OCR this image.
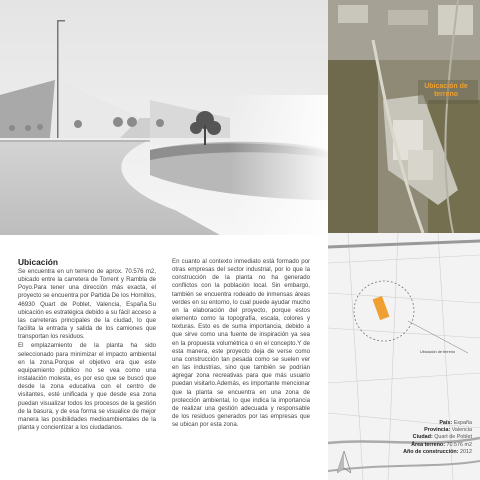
Ubicación de terreno
Ubicación de terreno
País: España
Provincia: Valencia
Ciudad: Quart de Poblet
Área terreno: 70.576 m2
Año de construcción: 2012
Ubicación

Se encuentra en un terreno de aprox. 70.576 m2, ubicado entre la carretera de Torrent y Rambla de Poyo.Para tener una dirección más exacta, el proyecto se encuentra por Partida De los Hornillos, 46930 Quart de Poblet, Valencia, España.Su ubicación es estratégica debido a su fácil acceso a las carreteras principales de la ciudad, lo que facilita la entrada y salida de los camiones que transportan los residuos.

El emplazamiento de la planta ha sido seleccionado para minimizar el impacto ambiental en la zona.Porque el objetivo era que este equipamiento público no se vea como una instalación molesta, es por eso que se buscó que desde la zona educativa con el centro de visitantes, esté unificada y que desde esa zona puedan visualizar todos los procesos de la gestión de la basura, y de esa forma se visualice de mejor manera las posibilidades medioambientales de la planta y concientizar a los ciudadanos.

En cuanto al contexto inmediato está formado por otras empresas del sector industrial, por lo que la construcción de la planta no ha generado conflictos con la población local. Sin embargo, también se encuentra rodeado de inmensas áreas verdes en su entorno, lo cual puede ayudar mucho en la elaboración del proyecto, porque estos elemento como la topografía, escala, colores y texturas. Esto es de suma importancia, debido a que sirve como una fuente de inspiración ya sea en la propuesta volumétrica o en el concepto.Y de esta manera, este proyecto deja de verse como una construcción tan pesada como se suelen ver en las industrias, sino que también se podrían agregar zona recreativas para que más usuario puedan visitarlo.Además, es importante mencionar que la planta se encuentra en una zona de protección ambiental, lo que indica la importancia de realizar una gestión adecuada y responsable de los residuos generados por las empresas que se ubican por esta zona.
